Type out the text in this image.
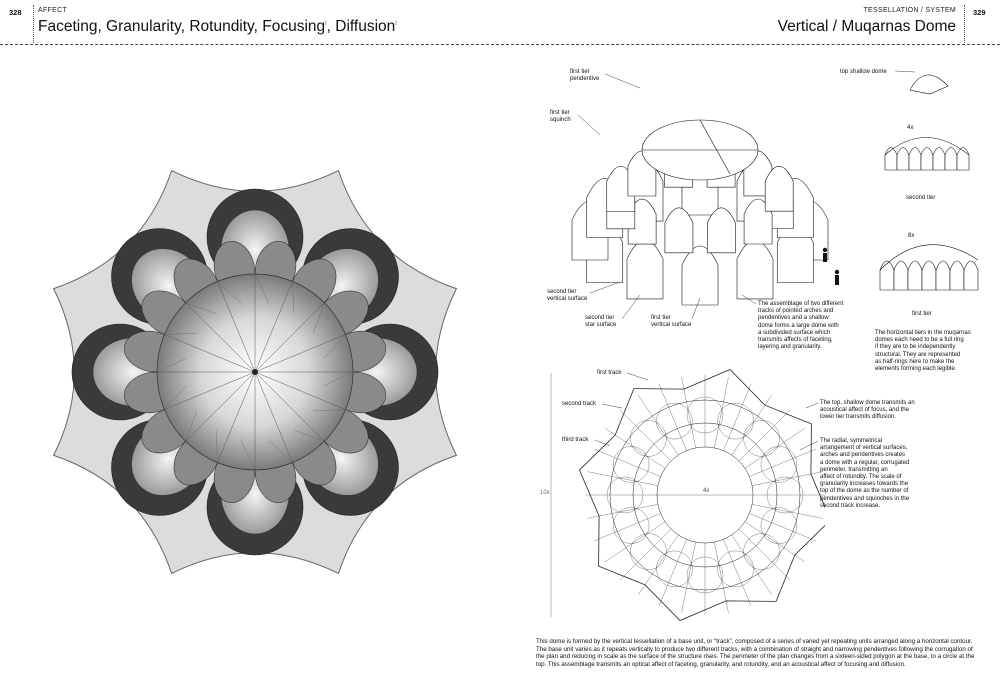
328 AFFECT
Faceting, Granularity, Rotundity, Focusing⧘, Diffusion⧙
TESSELLATION / SYSTEM
Vertical / Muqarnas Dome
329
first tier
pendentive
first tier
squinch
second tier
vertical surface
second tier
star surface
first tier
vertical surface
The assemblage of two different
tracks of pointed arches and
pendentives and a shallow
dome forms a large dome with
a subdivided surface which
transmits affects of faceting,
layering and granularity.
top shallow dome
4x
second tier
8x
first tier
The horizontal tiers in the muqarnas
domes each need to be a full ring
if they are to be independently
structural. They are represented
as half-rings here to make the
elements forming each legible.
first track
second track
third track
10x	4x
The top, shallow dome transmits an
acoustical affect of focus, and the
lower tier transmits diffusion.
The radial, symmetrical
arrangement of vertical surfaces,
arches and pendentives creates
a dome with a regular, corrugated
perimeter, transmitting an
affect of rotundity. The scale of
granularity increases towards the
top of the dome as the number of
pendentives and squinches in the
second track increase.
This dome is formed by the vertical tessellation of a base unit, or “track”, composed of a series of varied yet repeating units arranged along a horizontal contour. The base unit varies as it repeats vertically to produce two different tracks, with a combination of straight and narrowing pendentives following the corrugation of the plan and reducing in scale as the surface of the structure rises. The perimeter of the plan changes from a sixteen-sided polygon at the base, to a circle at the top. This assemblage transmits an optical affect of faceting, granularity, and rotundity, and an acoustical affect of focusing and diffusion.
